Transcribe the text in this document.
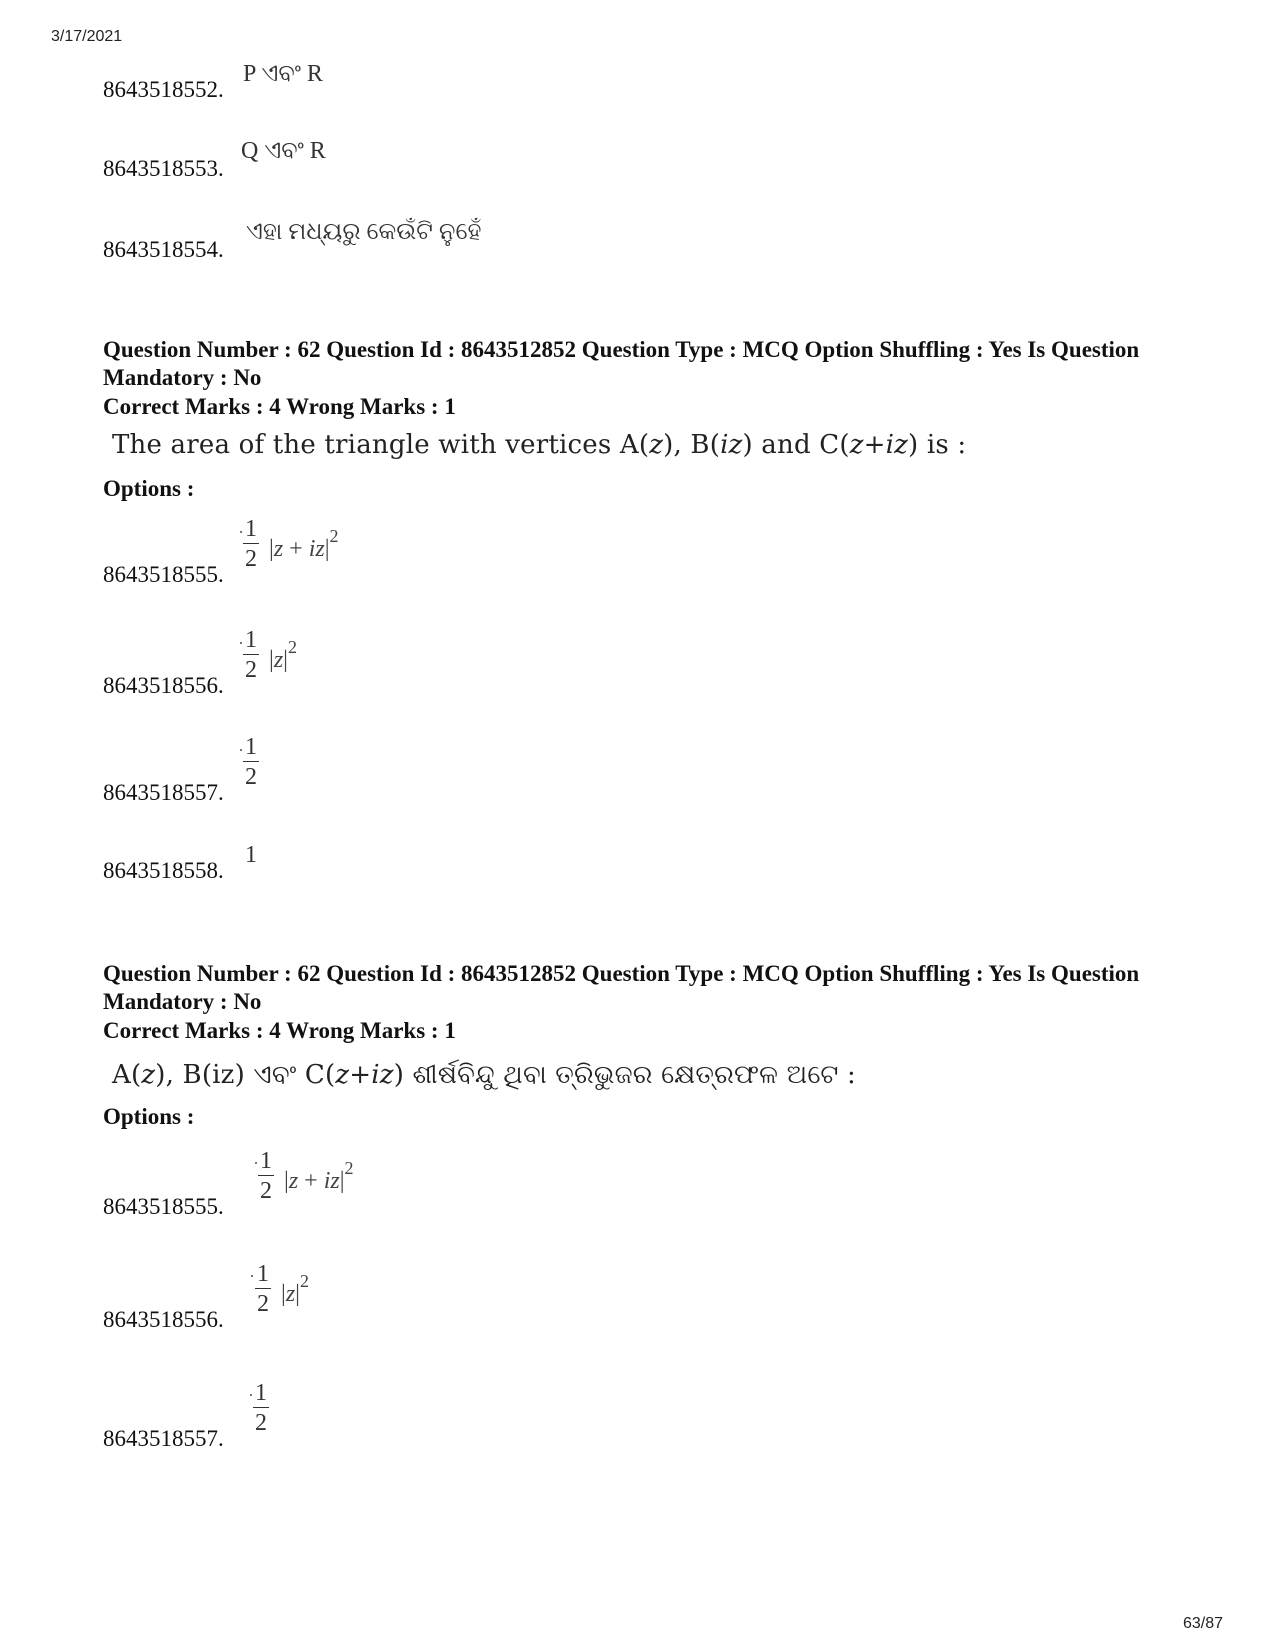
3/17/2021
8643518552.
P ଏବଂ R
8643518553.
Q ଏବଂ R
8643518554.
ଏହା ମଧ୍ୟରୁ କେଉଁଟି ନୁହେଁ
Question Number : 62 Question Id : 8643512852 Question Type : MCQ Option Shuffling : Yes Is Question Mandatory : No
Correct Marks : 4 Wrong Marks : 1
The area of the triangle with vertices A(z), B(iz) and C(z+iz) is :
Options :
8643518555.
$\frac{1}{2} |z + iz|^2$
8643518556.
$\frac{1}{2} |z|^2$
8643518557.
$\frac{1}{2}$
8643518558.
1
Question Number : 62 Question Id : 8643512852 Question Type : MCQ Option Shuffling : Yes Is Question Mandatory : No
Correct Marks : 4 Wrong Marks : 1
A(z), B(iz) ଏବଂ C(z+iz) ଶୀର୍ଷବିନ୍ଦୁ ଥିବା ତ୍ରିଭୁଜର କ୍ଷେତ୍ରଫଳ ଅଟେ :
Options :
8643518555.
$\frac{1}{2} |z + iz|^2$
8643518556.
$\frac{1}{2} |z|^2$
8643518557.
$\frac{1}{2}$
63/87
